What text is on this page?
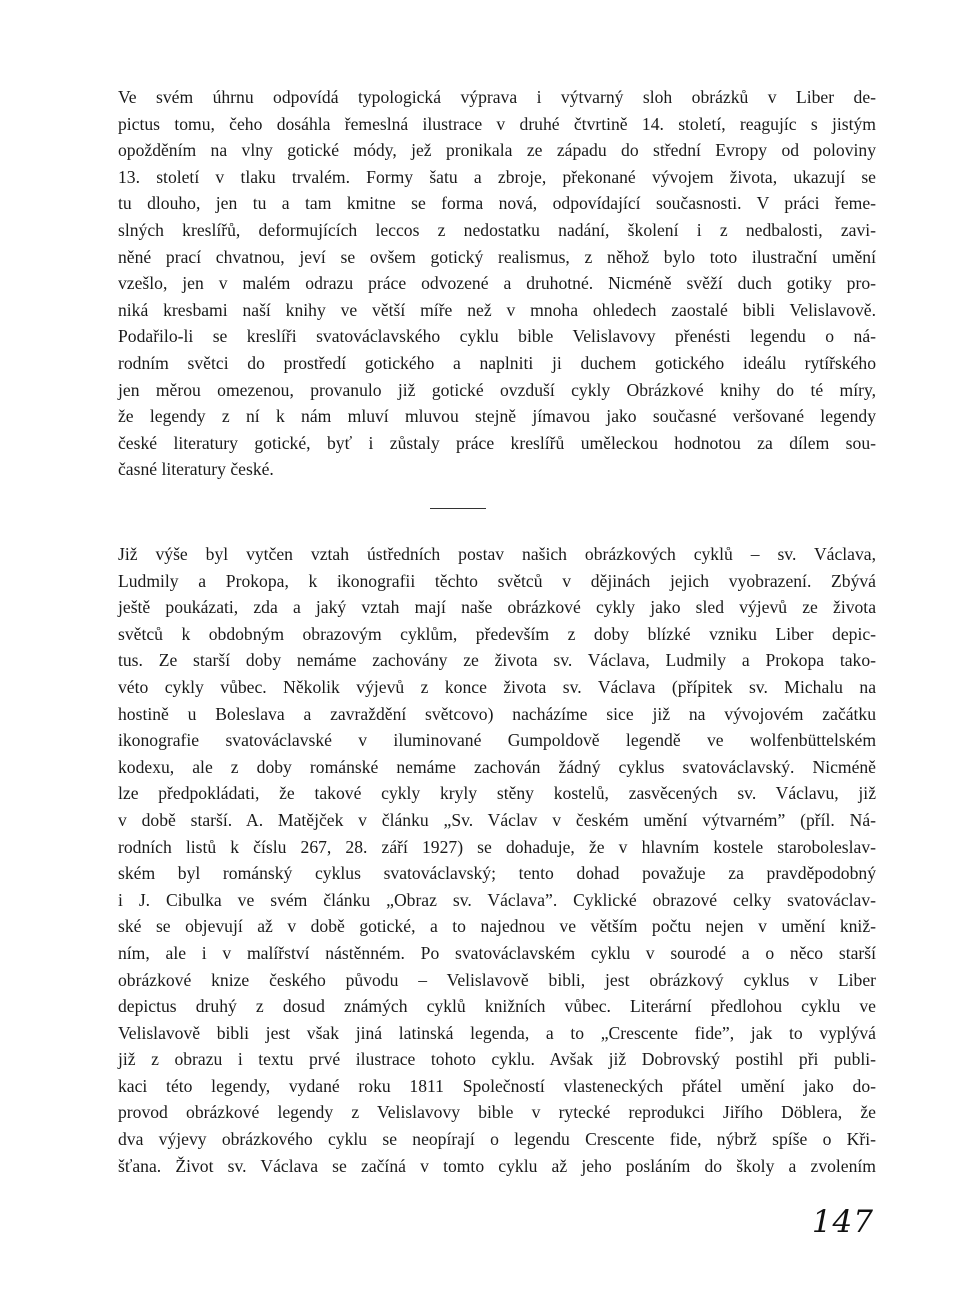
Ve svém úhrnu odpovídá typologická výprava i výtvarný sloh obrázků v Liber de-
pictus tomu, čeho dosáhla řemeslná ilustrace v druhé čtvrtině 14. století, reagujíc s jistým
opožděním na vlny gotické módy, jež pronikala ze západu do střední Evropy od poloviny
13. století v tlaku trvalém. Formy šatu a zbroje, překonané vývojem života, ukazují se
tu dlouho, jen tu a tam kmitne se forma nová, odpovídající současnosti. V práci řeme-
slných kreslířů, deformujících leccos z nedostatku nadání, školení i z nedbalosti, zavi-
něné prací chvatnou, jeví se ovšem gotický realismus, z něhož bylo toto ilustrační umění
vzešlo, jen v malém odrazu práce odvozené a druhotné. Nicméně svěží duch gotiky pro-
niká kresbami naší knihy ve větší míře než v mnoha ohledech zaostalé bibli Velislavově.
Podařilo-li se kreslíři svatováclavského cyklu bible Velislavovy přenésti legendu o ná-
rodním světci do prostředí gotického a naplniti ji duchem gotického ideálu rytířského
jen měrou omezenou, provanulo již gotické ovzduší cykly Obrázkové knihy do té míry,
že legendy z ní k nám mluví mluvou stejně jímavou jako současné veršované legendy
české literatury gotické, byť i zůstaly práce kreslířů uměleckou hodnotou za dílem sou-
časné literatury české.
Již výše byl vytčen vztah ústředních postav našich obrázkových cyklů – sv. Václava,
Ludmily a Prokopa, k ikonografii těchto světců v dějinách jejich vyobrazení. Zbývá
ještě poukázati, zda a jaký vztah mají naše obrázkové cykly jako sled výjevů ze života
světců k obdobným obrazovým cyklům, především z doby blízké vzniku Liber depic-
tus. Ze starší doby nemáme zachovány ze života sv. Václava, Ludmily a Prokopa tako-
véto cykly vůbec. Několik výjevů z konce života sv. Václava (přípitek sv. Michalu na
hostině u Boleslava a zavraždění světcovo) nacházíme sice již na vývojovém začátku
ikonografie svatováclavské v iluminované Gumpoldově legendě ve wolfenbüttelském
kodexu, ale z doby románské nemáme zachován žádný cyklus svatováclavský. Nicméně
lze předpokládati, že takové cykly kryly stěny kostelů, zasvěcených sv. Václavu, již
v době starší. A. Matějček v článku „Sv. Václav v českém umění výtvarném” (příl. Ná-
rodních listů k číslu 267, 28. září 1927) se dohaduje, že v hlavním kostele staroboleslav-
ském byl románský cyklus svatováclavský; tento dohad považuje za pravděpodobný
i J. Cibulka ve svém článku „Obraz sv. Václava”. Cyklické obrazové celky svatováclav-
ské se objevují až v době gotické, a to najednou ve větším počtu nejen v umění kniž-
ním, ale i v malířství nástěnném. Po svatováclavském cyklu v sourodé a o něco starší
obrázkové knize českého původu – Velislavově bibli, jest obrázkový cyklus v Liber
depictus druhý z dosud známých cyklů knižních vůbec. Literární předlohou cyklu ve
Velislavově bibli jest však jiná latinská legenda, a to „Crescente fide”, jak to vyplývá
již z obrazu i textu prvé ilustrace tohoto cyklu. Avšak již Dobrovský postihl při publi-
kaci této legendy, vydané roku 1811 Společností vlasteneckých přátel umění jako do-
provod obrázkové legendy z Velislavovy bible v rytecké reprodukci Jiřího Döblera, že
dva výjevy obrázkového cyklu se neopírají o legendu Crescente fide, nýbrž spíše o Kři-
šťana. Život sv. Václava se začíná v tomto cyklu až jeho posláním do školy a zvolením
147
